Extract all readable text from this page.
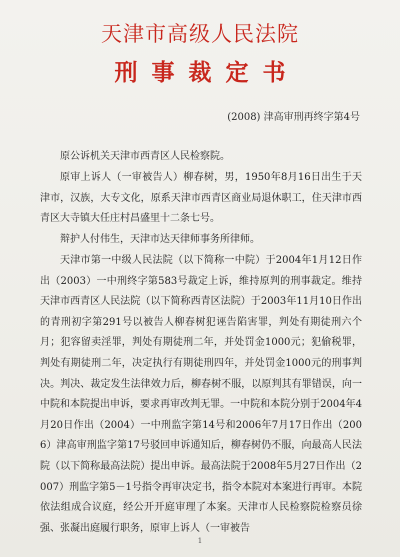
天津市高级人民法院
刑事裁定书
(2008) 津高审刑再终字第4号

原公诉机关天津市西青区人民检察院。

原审上诉人（一审被告人）柳春树，男，1950年8月16日出生于天津市，汉族，大专文化，原系天津市西青区商业局退休职工，住天津市西青区大寺镇大任庄村昌盛里十二条七号。

辩护人付伟生，天津市达天律师事务所律师。

天津市第一中级人民法院（以下简称一中院）于2004年1月12日作出（2003）一中刑终字第583号裁定上诉，维持原判的刑事裁定。维持天津市西青区人民法院（以下简称西青区法院）于2003年11月10日作出的青刑初字第291号以被告人柳春树犯诬告陷害罪，判处有期徒刑六个月；犯容留卖淫罪，判处有期徒刑二年，并处罚金1000元；犯偷税罪，判处有期徒刑二年，决定执行有期徒刑四年，并处罚金1000元的刑事判决。判决、裁定发生法律效力后，柳春树不服，以原判其有罪错误，向一中院和本院提出申诉，要求再审改判无罪。一中院和本院分别于2004年4月20日作出（2004）一中刑监字第14号和2006年7月17日作出（2006）津高审刑监字第17号驳回申诉通知后，柳春树仍不服，向最高人民法院（以下简称最高法院）提出申诉。最高法院于2008年5月27日作出（2007）刑监字第5－1号指令再审决定书，指令本院对本案进行再审。本院依法组成合议庭，经公开开庭审理了本案。天津市人民检察院检察员徐强、张凝出庭履行职务，原审上诉人（一审被告

1
